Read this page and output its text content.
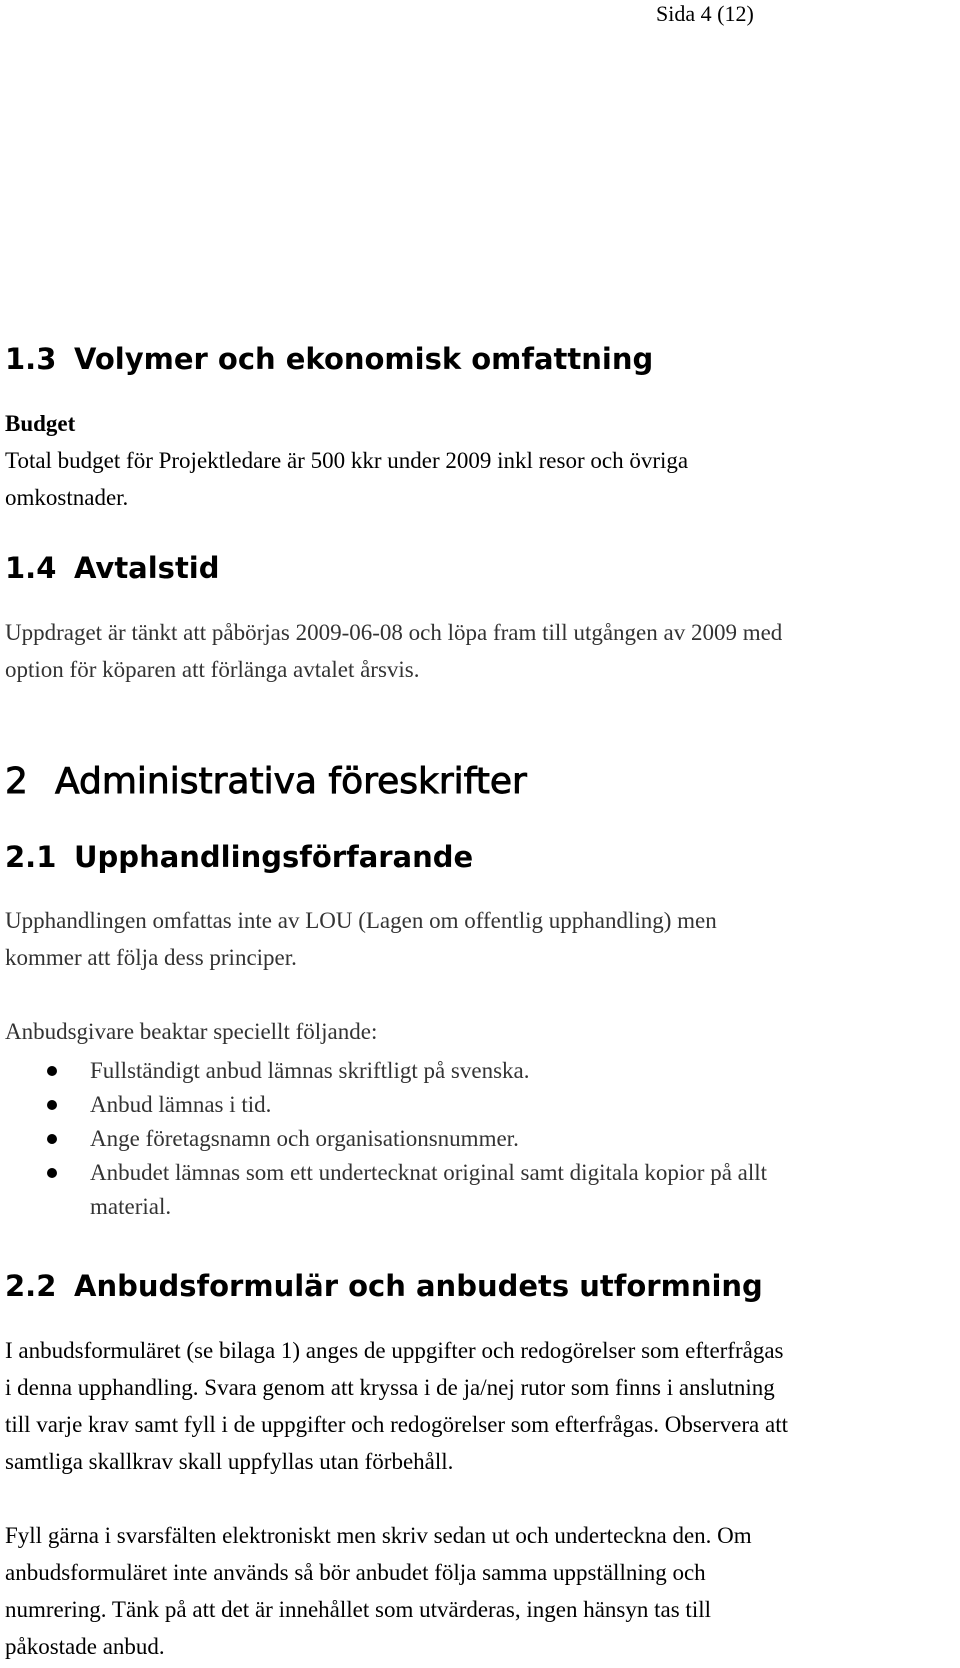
Sida 4 (12)
1.3 Volymer och ekonomisk omfattning
Budget
Total budget för Projektledare är 500 kkr under 2009 inkl resor och övriga
omkostnader.
1.4 Avtalstid
Uppdraget är tänkt att påbörjas 2009-06-08 och löpa fram till utgången av 2009 med
option för köparen att förlänga avtalet årsvis.
2 Administrativa föreskrifter
2.1 Upphandlingsförfarande
Upphandlingen omfattas inte av LOU (Lagen om offentlig upphandling) men
kommer att följa dess principer.
Anbudsgivare beaktar speciellt följande:
Fullständigt anbud lämnas skriftligt på svenska.
Anbud lämnas i tid.
Ange företagsnamn och organisationsnummer.
Anbudet lämnas som ett undertecknat original samt digitala kopior på allt
material.
2.2 Anbudsformulär och anbudets utformning
I anbudsformuläret (se bilaga 1) anges de uppgifter och redogörelser som efterfrågas
i denna upphandling. Svara genom att kryssa i de ja/nej rutor som finns i anslutning
till varje krav samt fyll i de uppgifter och redogörelser som efterfrågas. Observera att
samtliga skallkrav skall uppfyllas utan förbehåll.
Fyll gärna i svarsfälten elektroniskt men skriv sedan ut och underteckna den. Om
anbudsformuläret inte används så bör anbudet följa samma uppställning och
numrering. Tänk på att det är innehållet som utvärderas, ingen hänsyn tas till
påkostade anbud.
